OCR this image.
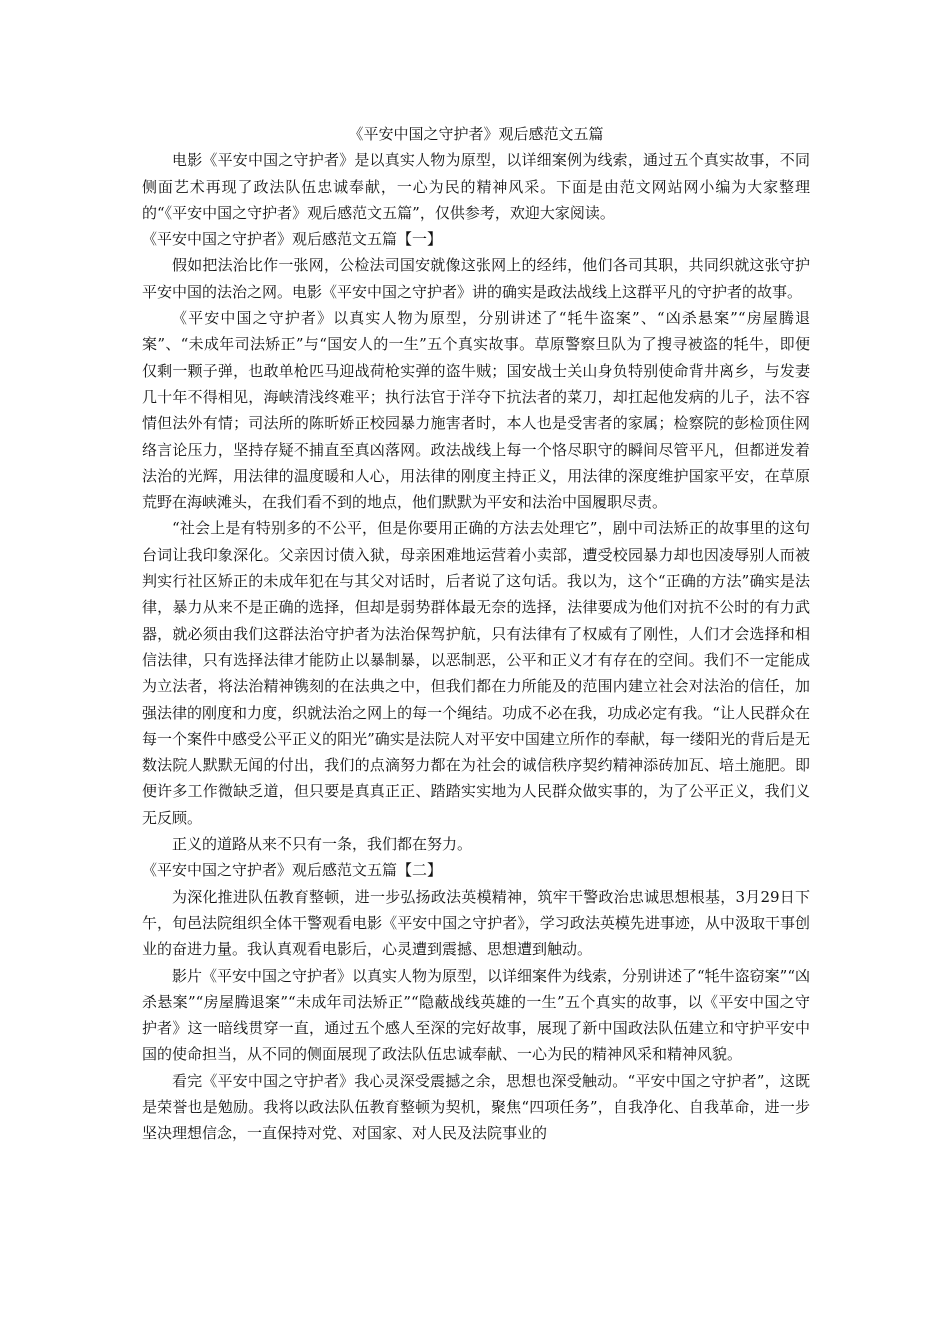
《平安中国之守护者》观后感范文五篇

电影《平安中国之守护者》是以真实人物为原型，以详细案例为线索，通过五个真实故事，不同侧面艺术再现了政法队伍忠诚奉献，一心为民的精神风采。下面是由范文网站网小编为大家整理的“《平安中国之守护者》观后感范文五篇”，仅供参考，欢迎大家阅读。

《平安中国之守护者》观后感范文五篇【一】

假如把法治比作一张网，公检法司国安就像这张网上的经纬，他们各司其职，共同织就这张守护平安中国的法治之网。电影《平安中国之守护者》讲的确实是政法战线上这群平凡的守护者的故事。

《平安中国之守护者》以真实人物为原型，分别讲述了“牦牛盗案”、“凶杀悬案”“房屋腾退案”、“未成年司法矫正”与“国安人的一生”五个真实故事。草原警察旦队为了搜寻被盗的牦牛，即便仅剩一颗子弹，也敢单枪匹马迎战荷枪实弹的盗牛贼；国安战士关山身负特别使命背井离乡，与发妻几十年不得相见，海峡清浅终难平；执行法官于洋夺下抗法者的菜刀，却扛起他发病的儿子，法不容情但法外有情；司法所的陈昕娇正校园暴力施害者时，本人也是受害者的家属；检察院的彭检顶住网络言论压力，坚持存疑不捕直至真凶落网。政法战线上每一个恪尽职守的瞬间尽管平凡，但都迸发着法治的光辉，用法律的温度暖和人心，用法律的刚度主持正义，用法律的深度维护国家平安，在草原荒野在海峡滩头，在我们看不到的地点，他们默默为平安和法治中国履职尽责。

“社会上是有特别多的不公平，但是你要用正确的方法去处理它”，剧中司法矫正的故事里的这句台词让我印象深化。父亲因讨债入狱，母亲困难地运营着小卖部，遭受校园暴力却也因凌辱别人而被判实行社区矫正的未成年犯在与其父对话时，后者说了这句话。我以为，这个“正确的方法”确实是法律，暴力从来不是正确的选择，但却是弱势群体最无奈的选择，法律要成为他们对抗不公时的有力武器，就必须由我们这群法治守护者为法治保驾护航，只有法律有了权威有了刚性，人们才会选择和相信法律，只有选择法律才能防止以暴制暴，以恶制恶，公平和正义才有存在的空间。我们不一定能成为立法者，将法治精神镌刻的在法典之中，但我们都在力所能及的范围内建立社会对法治的信任，加强法律的刚度和力度，织就法治之网上的每一个绳结。功成不必在我，功成必定有我。“让人民群众在每一个案件中感受公平正义的阳光”确实是法院人对平安中国建立所作的奉献，每一缕阳光的背后是无数法院人默默无闻的付出，我们的点滴努力都在为社会的诚信秩序契约精神添砖加瓦、培土施肥。即便许多工作微缺乏道，但只要是真真正正、踏踏实实地为人民群众做实事的，为了公平正义，我们义无反顾。

正义的道路从来不只有一条，我们都在努力。

《平安中国之守护者》观后感范文五篇【二】

为深化推进队伍教育整顿，进一步弘扬政法英模精神，筑牢干警政治忠诚思想根基，3月29日下午，旬邑法院组织全体干警观看电影《平安中国之守护者》，学习政法英模先进事迹，从中汲取干事创业的奋进力量。我认真观看电影后，心灵遭到震撼、思想遭到触动。

影片《平安中国之守护者》以真实人物为原型，以详细案件为线索，分别讲述了“牦牛盗窃案”“凶杀悬案”“房屋腾退案”“未成年司法矫正”“隐蔽战线英雄的一生”五个真实的故事，以《平安中国之守护者》这一暗线贯穿一直，通过五个感人至深的完好故事，展现了新中国政法队伍建立和守护平安中国的使命担当，从不同的侧面展现了政法队伍忠诚奉献、一心为民的精神风采和精神风貌。

看完《平安中国之守护者》我心灵深受震撼之余，思想也深受触动。“平安中国之守护者”，这既是荣誉也是勉励。我将以政法队伍教育整顿为契机，聚焦“四项任务”，自我净化、自我革命，进一步坚决理想信念，一直保持对党、对国家、对人民及法院事业的
